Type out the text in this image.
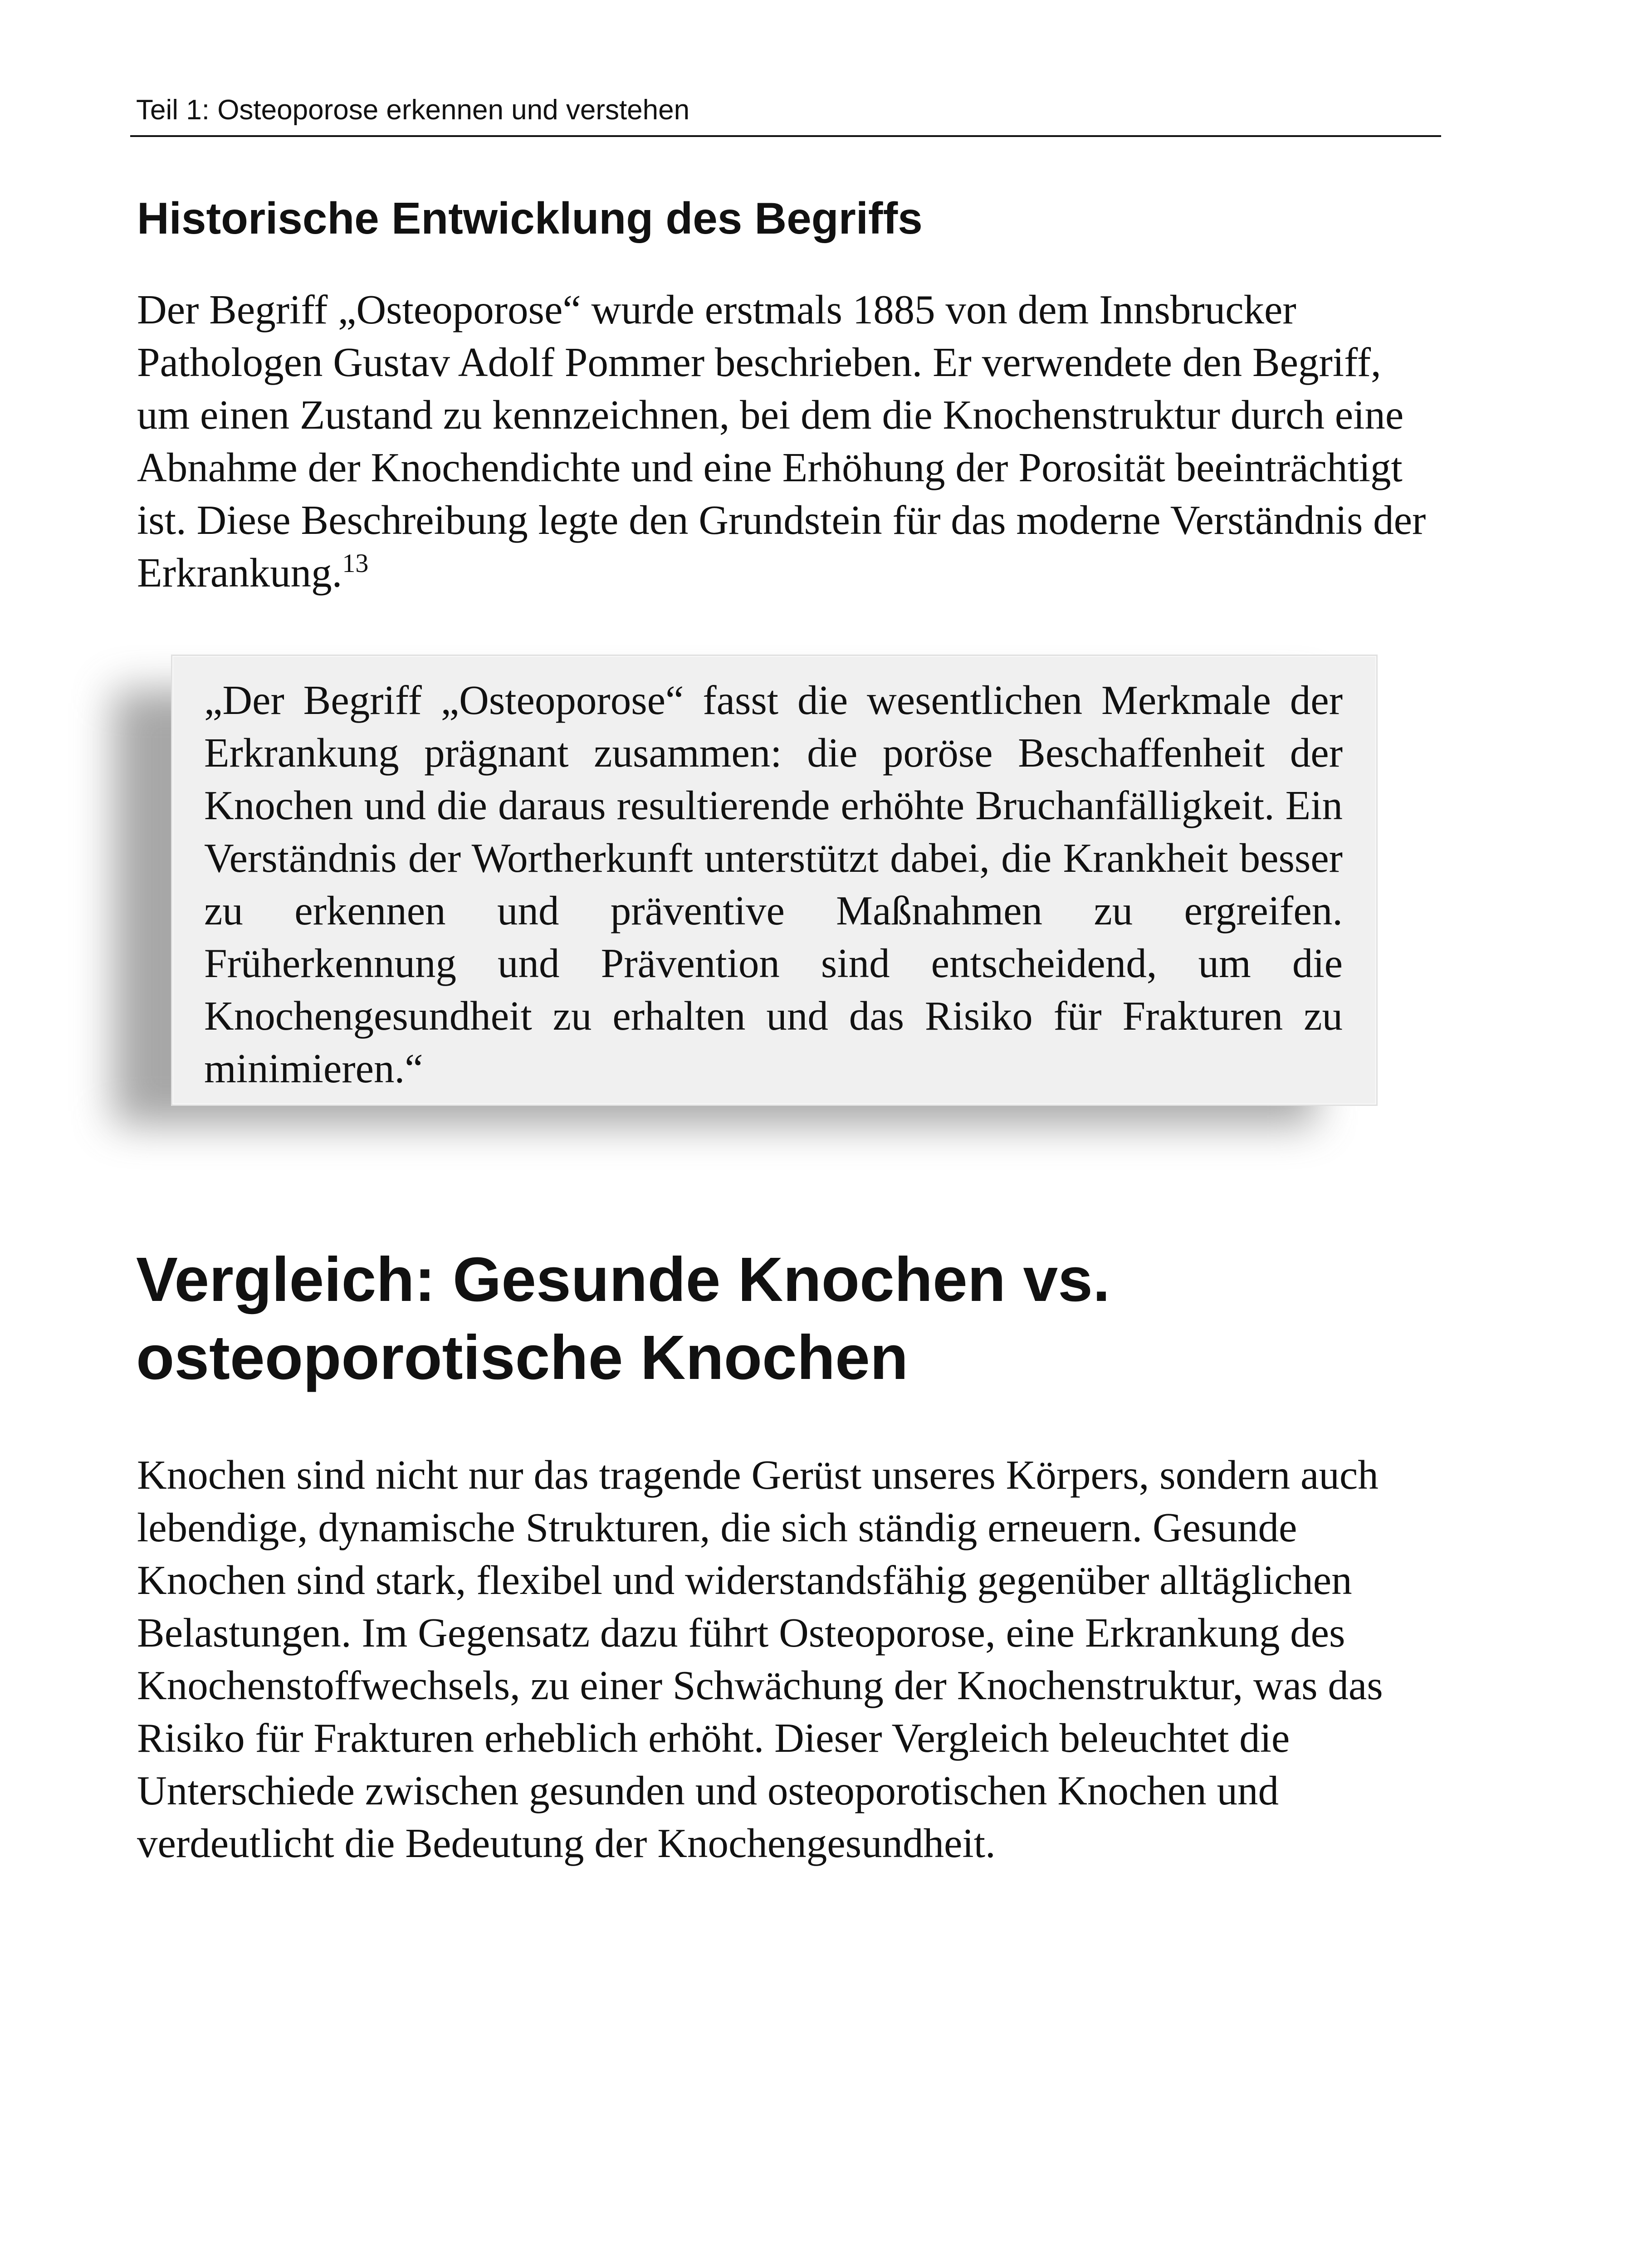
Teil 1: Osteoporose erkennen und verstehen
Historische Entwicklung des Begriffs

Der Begriff „Osteoporose“ wurde erstmals 1885 von dem Innsbrucker Pathologen Gustav Adolf Pommer beschrieben. Er verwendete den Begriff, um einen Zustand zu kennzeichnen, bei dem die Knochenstruktur durch eine Abnahme der Knochendichte und eine Erhöhung der Porosität beeinträchtigt ist. Diese Beschreibung legte den Grundstein für das moderne Verständnis der Erkrankung.$^{13}$

„Der Begriff „Osteoporose“ fasst die wesentlichen Merkmale der Erkrankung prägnant zusammen: die poröse Beschaffenheit der Knochen und die daraus resultierende erhöhte Bruchanfälligkeit. Ein Verständnis der Wortherkunft unterstützt dabei, die Krankheit besser zu erkennen und präventive Maßnahmen zu ergreifen. Früherkennung und Prävention sind entscheidend, um die Knochengesundheit zu erhalten und das Risiko für Frakturen zu minimieren.“

Vergleich: Gesunde Knochen vs. osteoporotische Knochen

Knochen sind nicht nur das tragende Gerüst unseres Körpers, sondern auch lebendige, dynamische Strukturen, die sich ständig erneuern. Gesunde Knochen sind stark, flexibel und widerstandsfähig gegenüber alltäglichen Belastungen. Im Gegensatz dazu führt Osteoporose, eine Erkrankung des Knochenstoffwechsels, zu einer Schwächung der Knochenstruktur, was das Risiko für Frakturen erheblich erhöht. Dieser Vergleich beleuchtet die Unterschiede zwischen gesunden und osteoporotischen Knochen und verdeutlicht die Bedeutung der Knochengesundheit.
